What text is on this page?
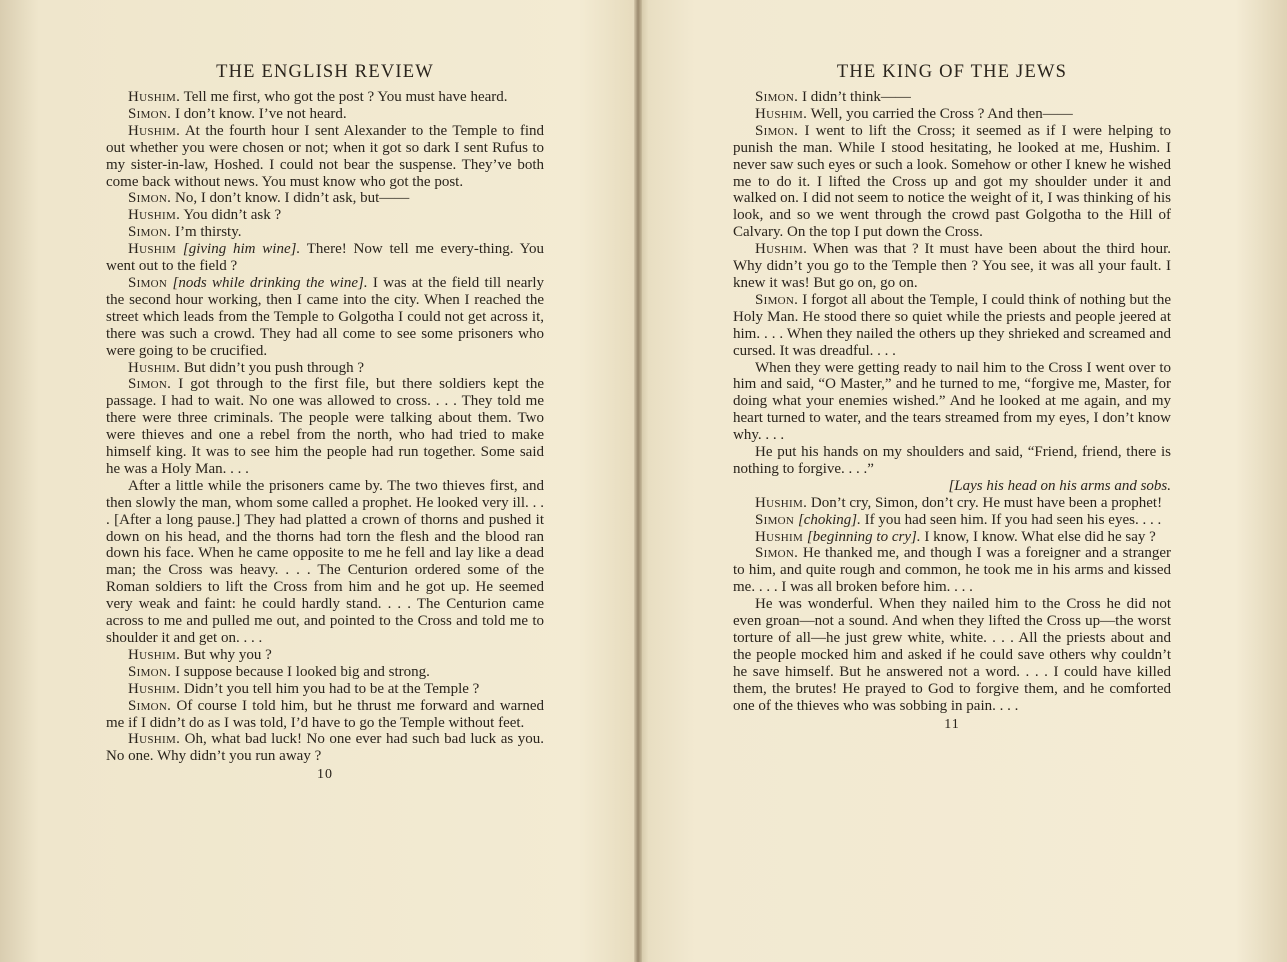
THE ENGLISH REVIEW

Hushim. Tell me first, who got the post ? You must have heard.

Simon. I don’t know. I’ve not heard.

Hushim. At the fourth hour I sent Alexander to the Temple to find out whether you were chosen or not; when it got so dark I sent Rufus to my sister-in-law, Hoshed. I could not bear the suspense. They’ve both come back without news. You must know who got the post.

Simon. No, I don’t know. I didn’t ask, but——

Hushim. You didn’t ask ?

Simon. I’m thirsty.

Hushim [giving him wine]. There! Now tell me every-thing. You went out to the field ?

Simon [nods while drinking the wine]. I was at the field till nearly the second hour working, then I came into the city. When I reached the street which leads from the Temple to Golgotha I could not get across it, there was such a crowd. They had all come to see some prisoners who were going to be crucified.

Hushim. But didn’t you push through ?

Simon. I got through to the first file, but there soldiers kept the passage. I had to wait. No one was allowed to cross. . . . They told me there were three criminals. The people were talking about them. Two were thieves and one a rebel from the north, who had tried to make himself king. It was to see him the people had run together. Some said he was a Holy Man. . . .

After a little while the prisoners came by. The two thieves first, and then slowly the man, whom some called a prophet. He looked very ill. . . . [After a long pause.] They had platted a crown of thorns and pushed it down on his head, and the thorns had torn the flesh and the blood ran down his face. When he came opposite to me he fell and lay like a dead man; the Cross was heavy. . . . The Centurion ordered some of the Roman soldiers to lift the Cross from him and he got up. He seemed very weak and faint: he could hardly stand. . . . The Centurion came across to me and pulled me out, and pointed to the Cross and told me to shoulder it and get on. . . .

Hushim. But why you ?

Simon. I suppose because I looked big and strong.

Hushim. Didn’t you tell him you had to be at the Temple ?

Simon. Of course I told him, but he thrust me forward and warned me if I didn’t do as I was told, I’d have to go the Temple without feet.

Hushim. Oh, what bad luck! No one ever had such bad luck as you. No one. Why didn’t you run away ?

10
THE KING OF THE JEWS

Simon. I didn’t think——

Hushim. Well, you carried the Cross ? And then——

Simon. I went to lift the Cross; it seemed as if I were helping to punish the man. While I stood hesitating, he looked at me, Hushim. I never saw such eyes or such a look. Somehow or other I knew he wished me to do it. I lifted the Cross up and got my shoulder under it and walked on. I did not seem to notice the weight of it, I was thinking of his look, and so we went through the crowd past Golgotha to the Hill of Calvary. On the top I put down the Cross.

Hushim. When was that ? It must have been about the third hour. Why didn’t you go to the Temple then ? You see, it was all your fault. I knew it was! But go on, go on.

Simon. I forgot all about the Temple, I could think of nothing but the Holy Man. He stood there so quiet while the priests and people jeered at him. . . . When they nailed the others up they shrieked and screamed and cursed. It was dreadful. . . .

When they were getting ready to nail him to the Cross I went over to him and said, “O Master,” and he turned to me, “forgive me, Master, for doing what your enemies wished.” And he looked at me again, and my heart turned to water, and the tears streamed from my eyes, I don’t know why. . . .

He put his hands on my shoulders and said, “Friend, friend, there is nothing to forgive. . . .”

[Lays his head on his arms and sobs.

Hushim. Don’t cry, Simon, don’t cry. He must have been a prophet!

Simon [choking]. If you had seen him. If you had seen his eyes. . . .

Hushim [beginning to cry]. I know, I know. What else did he say ?

Simon. He thanked me, and though I was a foreigner and a stranger to him, and quite rough and common, he took me in his arms and kissed me. . . . I was all broken before him. . . .

He was wonderful. When they nailed him to the Cross he did not even groan—not a sound. And when they lifted the Cross up—the worst torture of all—he just grew white, white. . . . All the priests about and the people mocked him and asked if he could save others why couldn’t he save himself. But he answered not a word. . . . I could have killed them, the brutes! He prayed to God to forgive them, and he comforted one of the thieves who was sobbing in pain. . . .

11
